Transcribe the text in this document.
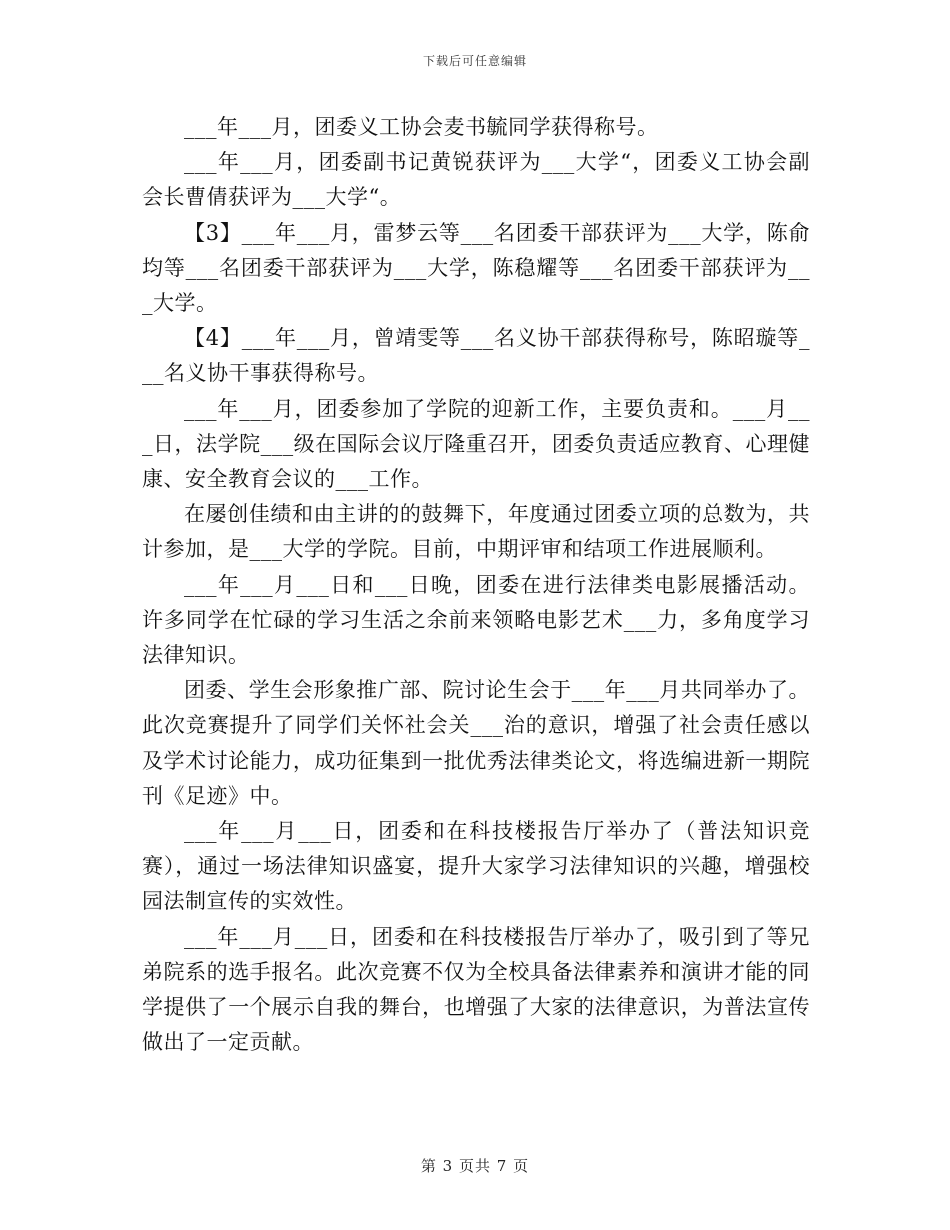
下载后可任意编辑

___年___月，团委义工协会麦书毓同学获得称号。

___年___月，团委副书记黄锐获评为___大学“，团委义工协会副会长曹倩获评为___大学“。

【3】___年___月，雷梦云等___名团委干部获评为___大学，陈俞均等___名团委干部获评为___大学，陈稳耀等___名团委干部获评为___大学。

【4】___年___月，曾靖雯等___名义协干部获得称号，陈昭璇等___名义协干事获得称号。

___年___月，团委参加了学院的迎新工作，主要负责和。___月___日，法学院___级在国际会议厅隆重召开，团委负责适应教育、心理健康、安全教育会议的___工作。

在屡创佳绩和由主讲的的鼓舞下，年度通过团委立项的总数为，共计参加，是___大学的学院。目前，中期评审和结项工作进展顺利。

___年___月___日和___日晚，团委在进行法律类电影展播活动。许多同学在忙碌的学习生活之余前来领略电影艺术___力，多角度学习法律知识。

团委、学生会形象推广部、院讨论生会于___年___月共同举办了。此次竞赛提升了同学们关怀社会关___治的意识，增强了社会责任感以及学术讨论能力，成功征集到一批优秀法律类论文，将选编进新一期院刊《足迹》中。

___年___月___日，团委和在科技楼报告厅举办了（普法知识竞赛），通过一场法律知识盛宴，提升大家学习法律知识的兴趣，增强校园法制宣传的实效性。

___年___月___日，团委和在科技楼报告厅举办了，吸引到了等兄弟院系的选手报名。此次竞赛不仅为全校具备法律素养和演讲才能的同学提供了一个展示自我的舞台，也增强了大家的法律意识，为普法宣传做出了一定贡献。

第 3 页共 7 页
